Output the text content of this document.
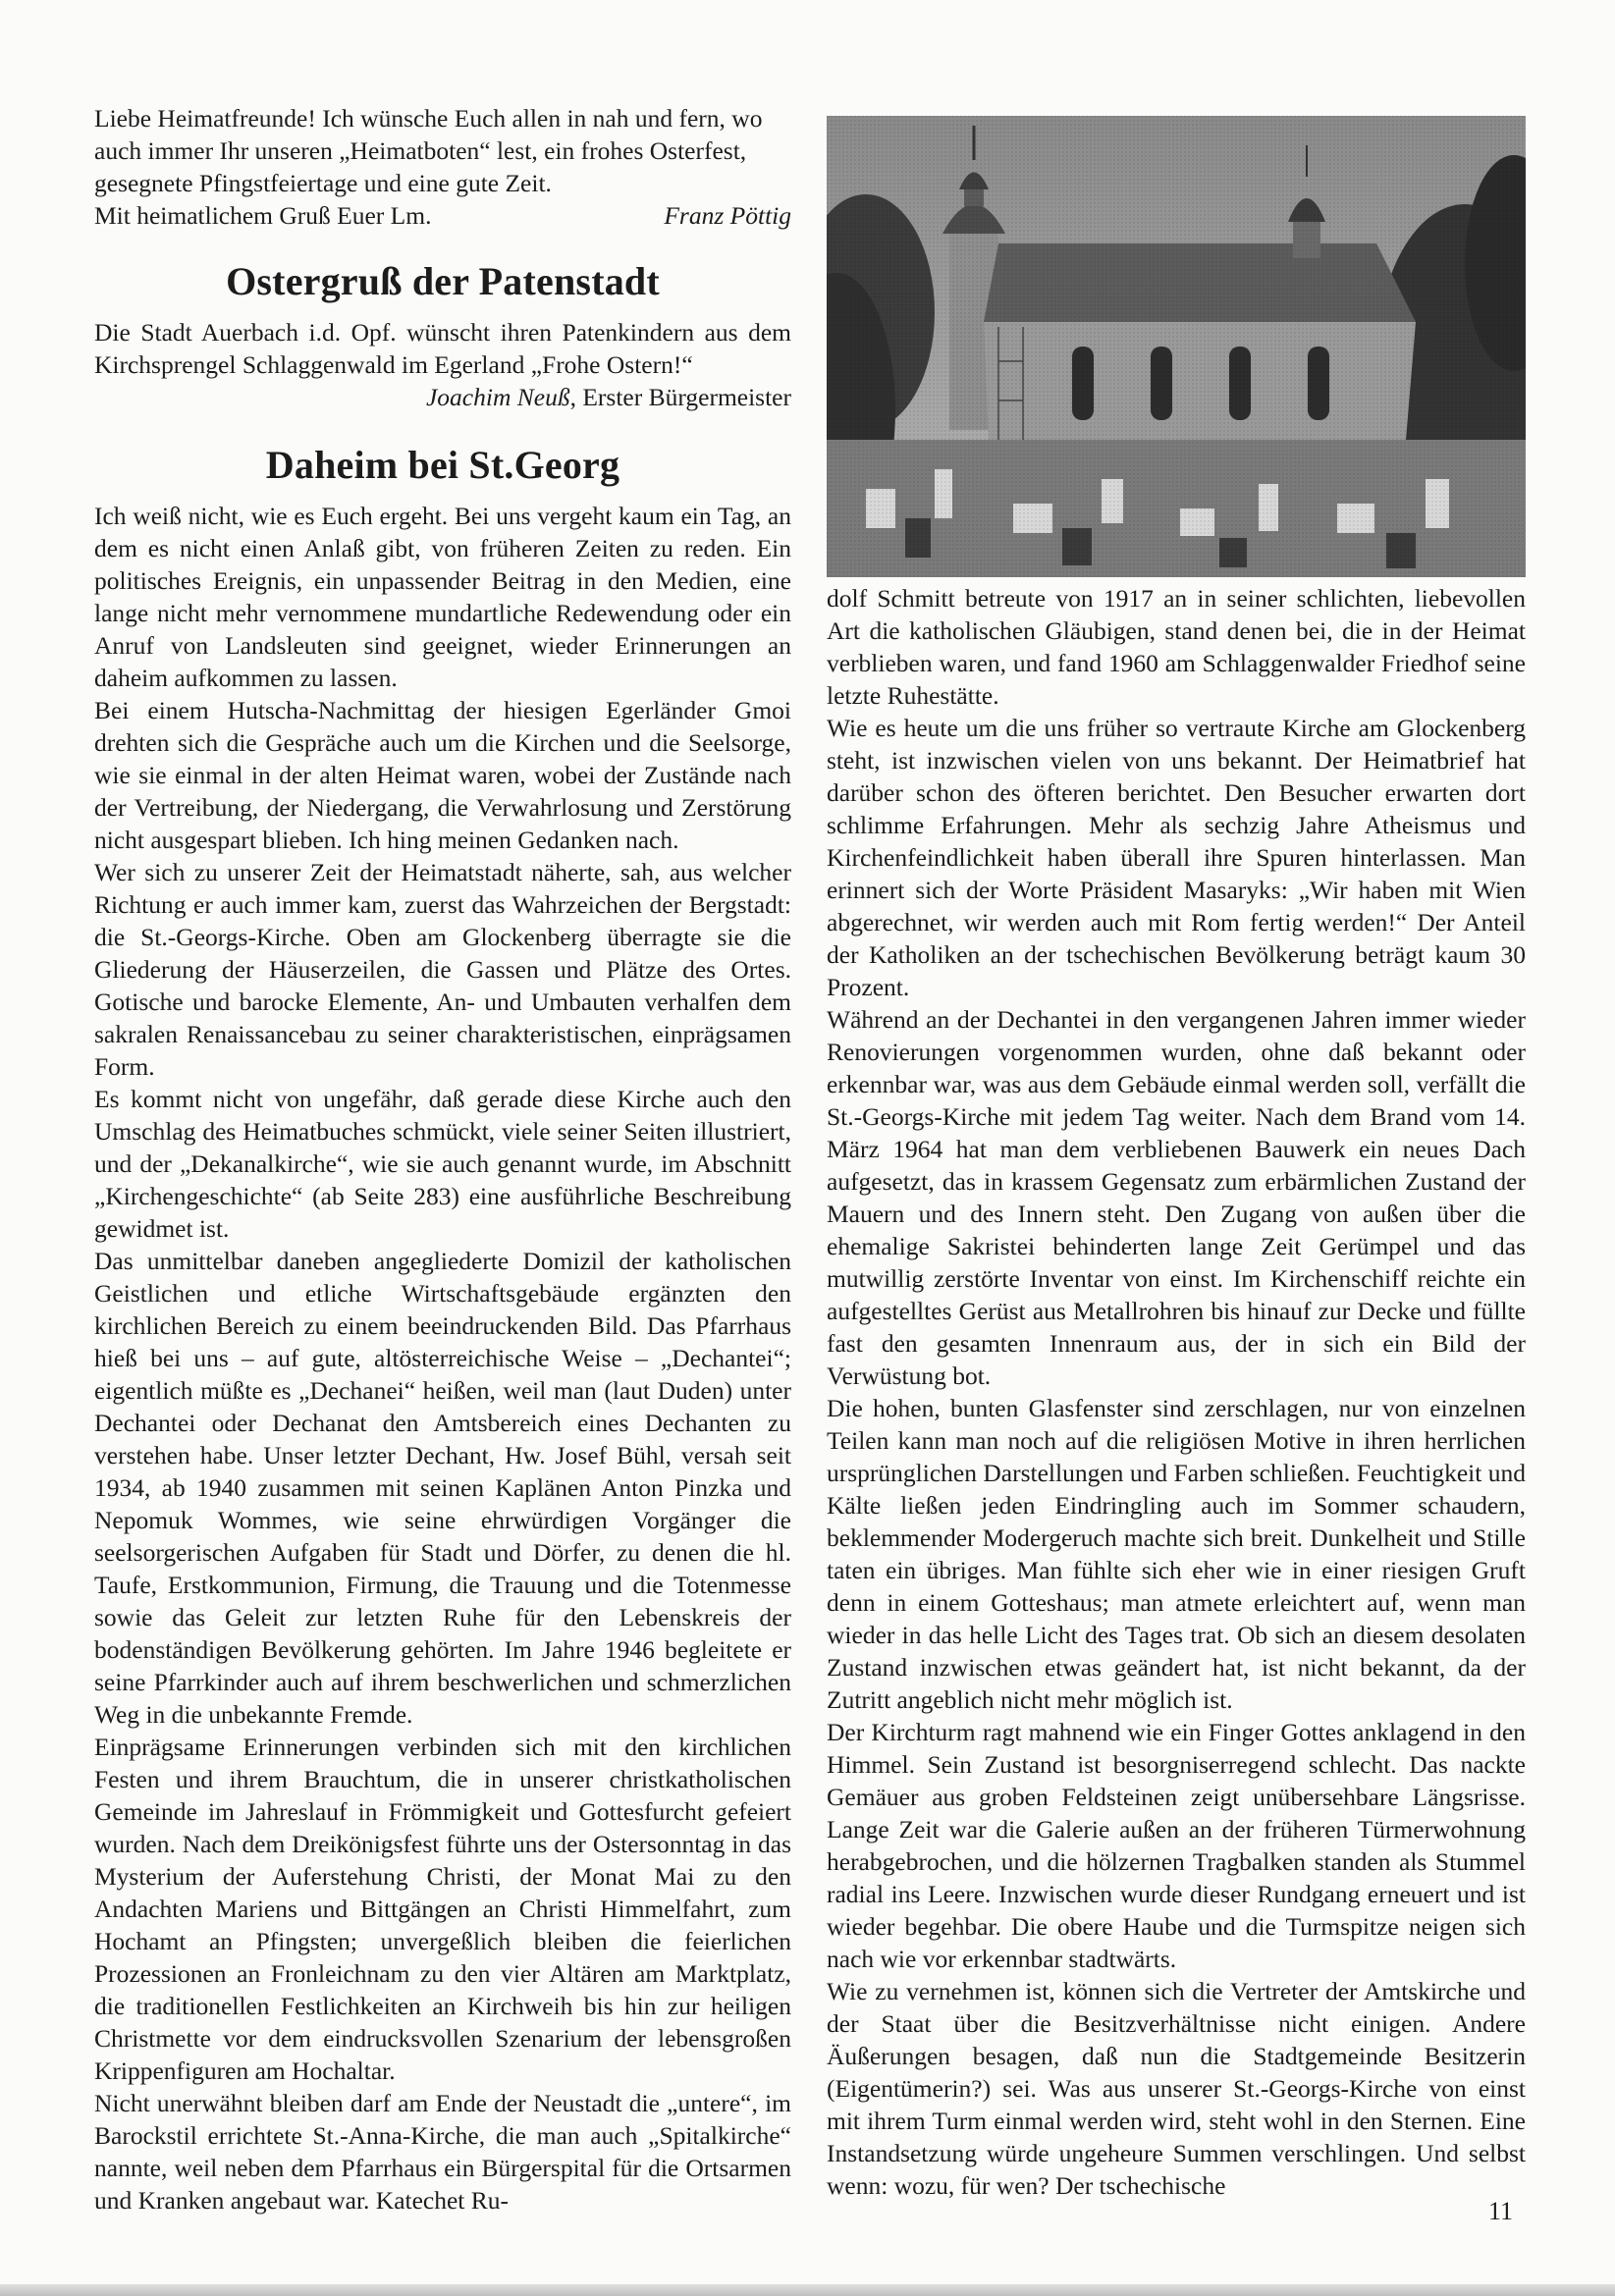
Liebe Heimatfreunde! Ich wünsche Euch allen in nah und fern, wo auch immer Ihr unseren „Heimatboten“ lest, ein frohes Osterfest, gesegnete Pfingstfeiertage und eine gute Zeit.
Mit heimatlichem Gruß Euer Lm.	Franz Pöttig

Ostergruß der Patenstadt

Die Stadt Auerbach i.d. Opf. wünscht ihren Patenkindern aus dem Kirchsprengel Schlaggenwald im Egerland „Frohe Ostern!“

Joachim Neuß, Erster Bürgermeister

Daheim bei St.Georg

Ich weiß nicht, wie es Euch ergeht. Bei uns vergeht kaum ein Tag, an dem es nicht einen Anlaß gibt, von früheren Zeiten zu reden. Ein politisches Ereignis, ein unpassender Beitrag in den Medien, eine lange nicht mehr vernommene mundartliche Redewendung oder ein Anruf von Landsleuten sind geeignet, wieder Erinnerungen an daheim aufkommen zu lassen.

Bei einem Hutscha-Nachmittag der hiesigen Egerländer Gmoi drehten sich die Gespräche auch um die Kirchen und die Seelsorge, wie sie einmal in der alten Heimat waren, wobei der Zustände nach der Vertreibung, der Niedergang, die Verwahrlosung und Zerstörung nicht ausgespart blieben. Ich hing meinen Gedanken nach.

Wer sich zu unserer Zeit der Heimatstadt näherte, sah, aus welcher Richtung er auch immer kam, zuerst das Wahrzeichen der Bergstadt: die St.-Georgs-Kirche. Oben am Glockenberg überragte sie die Gliederung der Häuserzeilen, die Gassen und Plätze des Ortes. Gotische und barocke Elemente, An- und Umbauten verhalfen dem sakralen Renaissancebau zu seiner charakteristischen, einprägsamen Form.

Es kommt nicht von ungefähr, daß gerade diese Kirche auch den Umschlag des Heimatbuches schmückt, viele seiner Seiten illustriert, und der „Dekanalkirche“, wie sie auch genannt wurde, im Abschnitt „Kirchengeschichte“ (ab Seite 283) eine ausführliche Beschreibung gewidmet ist.

Das unmittelbar daneben angegliederte Domizil der katholischen Geistlichen und etliche Wirtschaftsgebäude ergänzten den kirchlichen Bereich zu einem beeindruckenden Bild. Das Pfarrhaus hieß bei uns – auf gute, altösterreichische Weise – „Dechantei“; eigentlich müßte es „Dechanei“ heißen, weil man (laut Duden) unter Dechantei oder Dechanat den Amtsbereich eines Dechanten zu verstehen habe. Unser letzter Dechant, Hw. Josef Bühl, versah seit 1934, ab 1940 zusammen mit seinen Kaplänen Anton Pinzka und Nepomuk Wommes, wie seine ehrwürdigen Vorgänger die seelsorgerischen Aufgaben für Stadt und Dörfer, zu denen die hl. Taufe, Erstkommunion, Firmung, die Trauung und die Totenmesse sowie das Geleit zur letzten Ruhe für den Lebenskreis der bodenständigen Bevölkerung gehörten. Im Jahre 1946 begleitete er seine Pfarrkinder auch auf ihrem beschwerlichen und schmerzlichen Weg in die unbekannte Fremde.

Einprägsame Erinnerungen verbinden sich mit den kirchlichen Festen und ihrem Brauchtum, die in unserer christkatholischen Gemeinde im Jahreslauf in Frömmigkeit und Gottesfurcht gefeiert wurden. Nach dem Dreikönigsfest führte uns der Ostersonntag in das Mysterium der Auferstehung Christi, der Monat Mai zu den Andachten Mariens und Bittgängen an Christi Himmelfahrt, zum Hochamt an Pfingsten; unvergeßlich bleiben die feierlichen Prozessionen an Fronleichnam zu den vier Altären am Marktplatz, die traditionellen Festlichkeiten an Kirchweih bis hin zur heiligen Christmette vor dem eindrucksvollen Szenarium der lebensgroßen Krippenfiguren am Hochaltar.

Nicht unerwähnt bleiben darf am Ende der Neustadt die „untere“, im Barockstil errichtete St.-Anna-Kirche, die man auch „Spitalkirche“ nannte, weil neben dem Pfarrhaus ein Bürgerspital für die Ortsarmen und Kranken angebaut war. Katechet Ru-

dolf Schmitt betreute von 1917 an in seiner schlichten, liebevollen Art die katholischen Gläubigen, stand denen bei, die in der Heimat verblieben waren, und fand 1960 am Schlaggenwalder Friedhof seine letzte Ruhestätte.

Wie es heute um die uns früher so vertraute Kirche am Glockenberg steht, ist inzwischen vielen von uns bekannt. Der Heimatbrief hat darüber schon des öfteren berichtet. Den Besucher erwarten dort schlimme Erfahrungen. Mehr als sechzig Jahre Atheismus und Kirchenfeindlichkeit haben überall ihre Spuren hinterlassen. Man erinnert sich der Worte Präsident Masaryks: „Wir haben mit Wien abgerechnet, wir werden auch mit Rom fertig werden!“ Der Anteil der Katholiken an der tschechischen Bevölkerung beträgt kaum 30 Prozent.

Während an der Dechantei in den vergangenen Jahren immer wieder Renovierungen vorgenommen wurden, ohne daß bekannt oder erkennbar war, was aus dem Gebäude einmal werden soll, verfällt die St.-Georgs-Kirche mit jedem Tag weiter. Nach dem Brand vom 14. März 1964 hat man dem verbliebenen Bauwerk ein neues Dach aufgesetzt, das in krassem Gegensatz zum erbärmlichen Zustand der Mauern und des Innern steht. Den Zugang von außen über die ehemalige Sakristei behinderten lange Zeit Gerümpel und das mutwillig zerstörte Inventar von einst. Im Kirchenschiff reichte ein aufgestelltes Gerüst aus Metallrohren bis hinauf zur Decke und füllte fast den gesamten Innenraum aus, der in sich ein Bild der Verwüstung bot.

Die hohen, bunten Glasfenster sind zerschlagen, nur von einzelnen Teilen kann man noch auf die religiösen Motive in ihren herrlichen ursprünglichen Darstellungen und Farben schließen. Feuchtigkeit und Kälte ließen jeden Eindringling auch im Sommer schaudern, beklemmender Modergeruch machte sich breit. Dunkelheit und Stille taten ein übriges. Man fühlte sich eher wie in einer riesigen Gruft denn in einem Gotteshaus; man atmete erleichtert auf, wenn man wieder in das helle Licht des Tages trat. Ob sich an diesem desolaten Zustand inzwischen etwas geändert hat, ist nicht bekannt, da der Zutritt angeblich nicht mehr möglich ist.

Der Kirchturm ragt mahnend wie ein Finger Gottes anklagend in den Himmel. Sein Zustand ist besorgniserregend schlecht. Das nackte Gemäuer aus groben Feldsteinen zeigt unübersehbare Längsrisse. Lange Zeit war die Galerie außen an der früheren Türmerwohnung herabgebrochen, und die hölzernen Tragbalken standen als Stummel radial ins Leere. Inzwischen wurde dieser Rundgang erneuert und ist wieder begehbar. Die obere Haube und die Turmspitze neigen sich nach wie vor erkennbar stadtwärts.

Wie zu vernehmen ist, können sich die Vertreter der Amtskirche und der Staat über die Besitzverhältnisse nicht einigen. Andere Äußerungen besagen, daß nun die Stadtgemeinde Besitzerin (Eigentümerin?) sei. Was aus unserer St.-Georgs-Kirche von einst mit ihrem Turm einmal werden wird, steht wohl in den Sternen. Eine Instandsetzung würde ungeheure Summen verschlingen. Und selbst wenn: wozu, für wen? Der tschechische

11
